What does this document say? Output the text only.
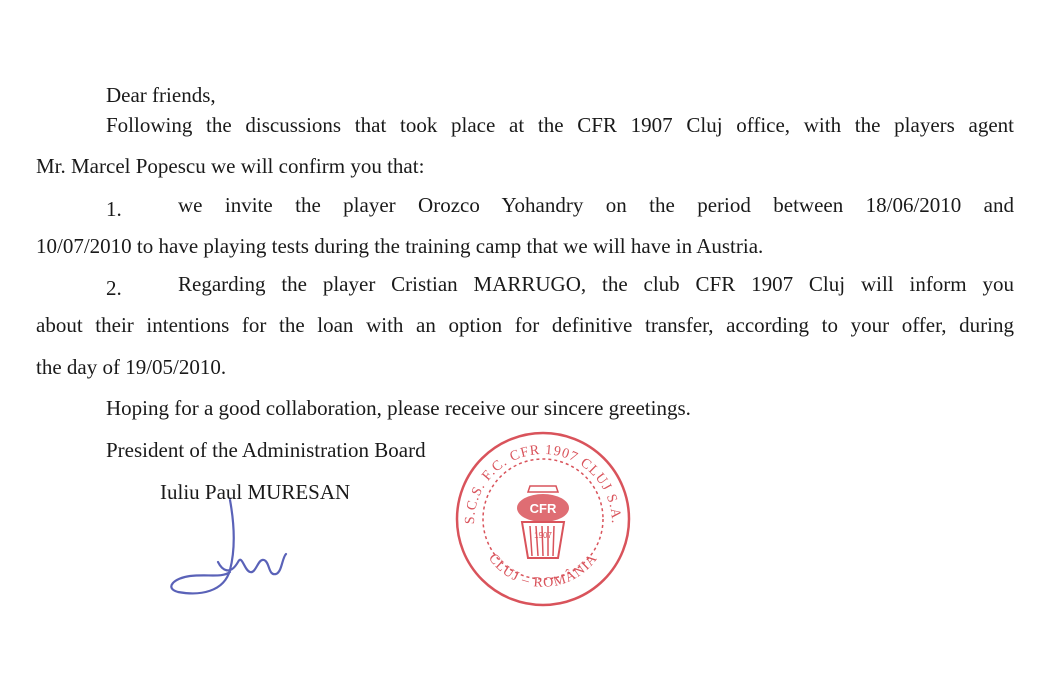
Dear friends,
Following the discussions that took place at the CFR 1907 Cluj office, with the players agent
Mr. Marcel Popescu we will confirm you that:
1.	we invite the player Orozco Yohandry on the period between 18/06/2010 and
10/07/2010 to have playing tests during the training camp that we will have in Austria.
2.	Regarding the player Cristian MARRUGO, the club CFR 1907 Cluj will inform you
about their intentions for the loan with an option for definitive transfer, according to your offer, during
the day of 19/05/2010.
Hoping for a good collaboration, please receive our sincere greetings.
President of the Administration Board
Iuliu Paul MURESAN
S.C.S. F.C. CFR 1907 CLUJ S.A.
CLUJ – ROMÂNIA
CFR
1907
